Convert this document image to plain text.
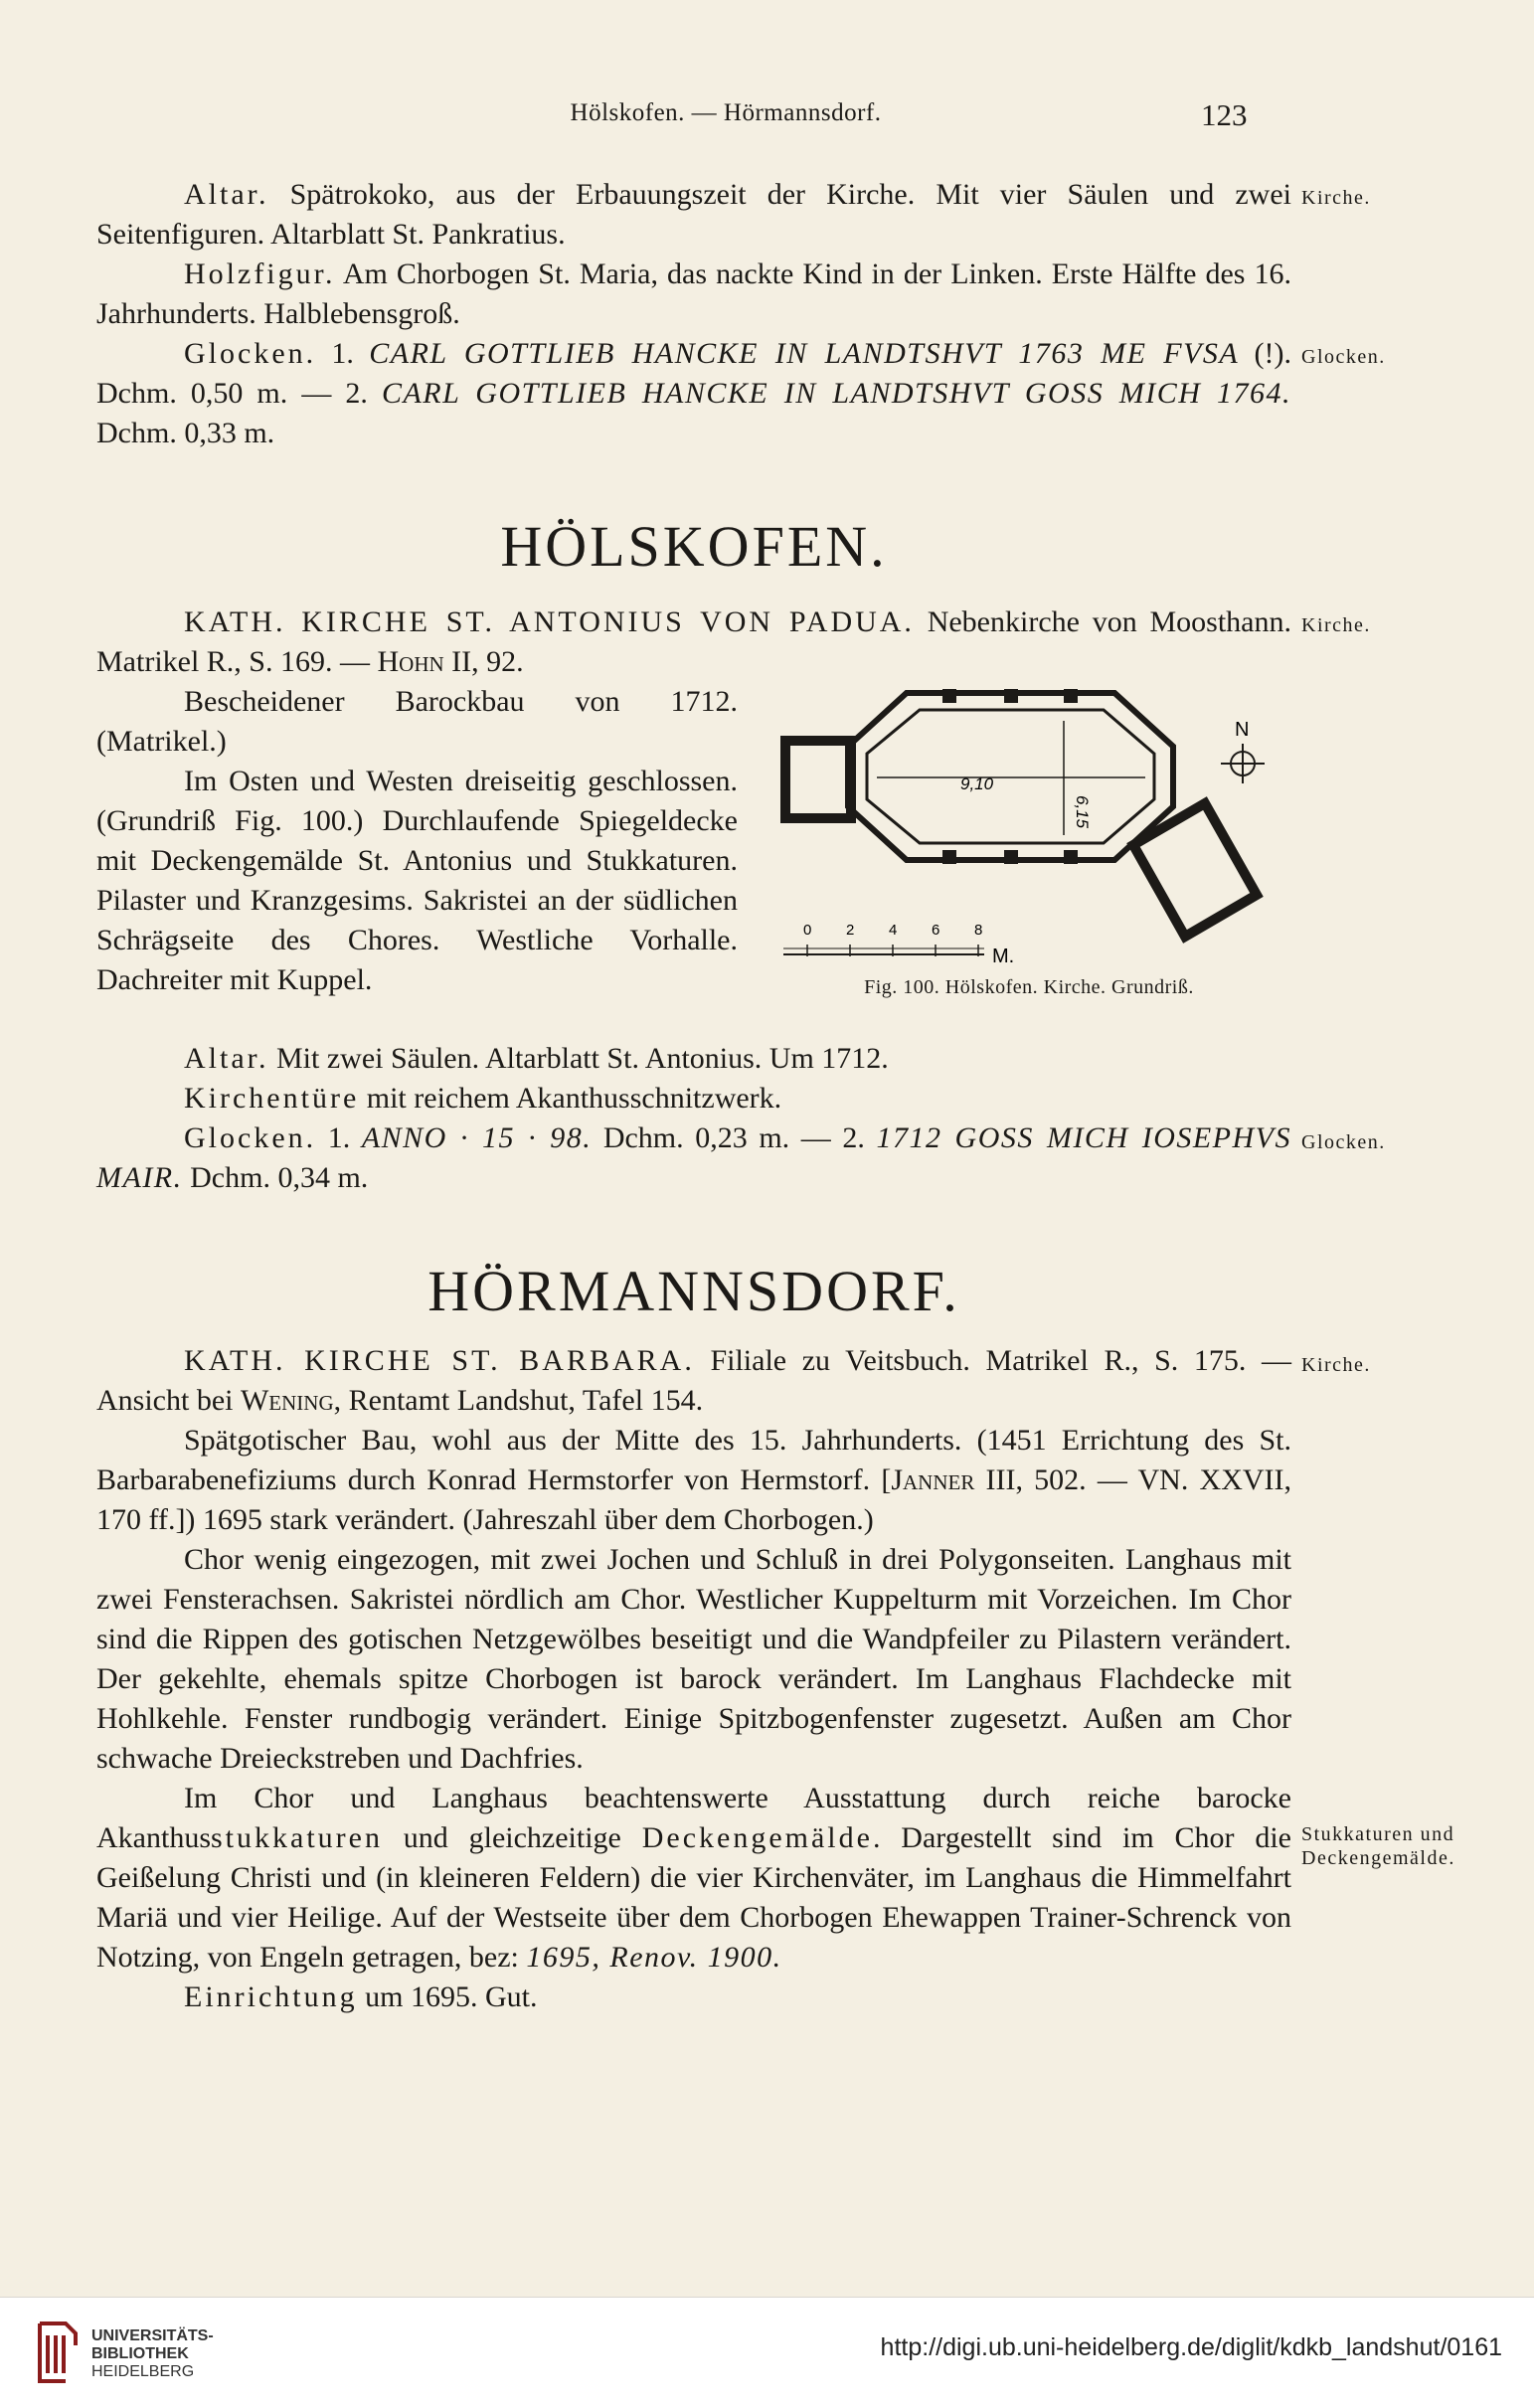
Hölskofen. — Hörmannsdorf.	123

Altar. Spätrokoko, aus der Erbauungszeit der Kirche. Mit vier Säulen und zwei Seitenfiguren. Altarblatt St. Pankratius.

Holzfigur. Am Chorbogen St. Maria, das nackte Kind in der Linken. Erste Hälfte des 16. Jahrhunderts. Halblebensgroß.

Glocken. 1. CARL GOTTLIEB HANCKE IN LANDTSHVT 1763 ME FVSA (!). Dchm. 0,50 m. — 2. CARL GOTTLIEB HANCKE IN LANDTSHVT GOSS MICH 1764. Dchm. 0,33 m.

Kirche.
Glocken.
HÖLSKOFEN.

KATH. KIRCHE ST. ANTONIUS VON PADUA. Nebenkirche von Moosthann. Matrikel R., S. 169. — Hohn II, 92.

Kirche.

Bescheidener Barockbau von 1712. (Matrikel.)

Im Osten und Westen dreiseitig geschlossen. (Grundriß Fig. 100.) Durchlaufende Spiegeldecke mit Deckengemälde St. Antonius und Stukkaturen. Pilaster und Kranzgesims. Sakristei an der südlichen Schrägseite des Chores. Westliche Vorhalle. Dachreiter mit Kuppel.

9,10
6,15
N
0 2 4 6 8
M.
Fig. 100. Hölskofen. Kirche. Grundriß.

Altar. Mit zwei Säulen. Altarblatt St. Antonius. Um 1712.

Kirchentüre mit reichem Akanthusschnitzwerk.

Glocken. 1. ANNO · 15 · 98. Dchm. 0,23 m. — 2. 1712 GOSS MICH IOSEPHVS MAIR. Dchm. 0,34 m.

Glocken.
HÖRMANNSDORF.

KATH. KIRCHE ST. BARBARA. Filiale zu Veitsbuch. Matrikel R., S. 175. — Ansicht bei Wening, Rentamt Landshut, Tafel 154.

Spätgotischer Bau, wohl aus der Mitte des 15. Jahrhunderts. (1451 Errichtung des St. Barbarabenefiziums durch Konrad Hermstorfer von Hermstorf. [Janner III, 502. — VN. XXVII, 170 ff.]) 1695 stark verändert. (Jahreszahl über dem Chorbogen.)

Chor wenig eingezogen, mit zwei Jochen und Schluß in drei Polygonseiten. Langhaus mit zwei Fensterachsen. Sakristei nördlich am Chor. Westlicher Kuppelturm mit Vorzeichen. Im Chor sind die Rippen des gotischen Netzgewölbes beseitigt und die Wandpfeiler zu Pilastern verändert. Der gekehlte, ehemals spitze Chorbogen ist barock verändert. Im Langhaus Flachdecke mit Hohlkehle. Fenster rundbogig verändert. Einige Spitzbogenfenster zugesetzt. Außen am Chor schwache Dreieckstreben und Dachfries.

Im Chor und Langhaus beachtenswerte Ausstattung durch reiche barocke Akanthusstukkaturen und gleichzeitige Deckengemälde. Dargestellt sind im Chor die Geißelung Christi und (in kleineren Feldern) die vier Kirchenväter, im Langhaus die Himmelfahrt Mariä und vier Heilige. Auf der Westseite über dem Chorbogen Ehewappen Trainer-Schrenck von Notzing, von Engeln getragen, bez: 1695, Renov. 1900.

Einrichtung um 1695. Gut.

Kirche.
Stukkaturen und Deckengemälde.
UNIVERSITÄTS-
BIBLIOTHEK
HEIDELBERG
http://digi.ub.uni-heidelberg.de/diglit/kdkb_landshut/0161
